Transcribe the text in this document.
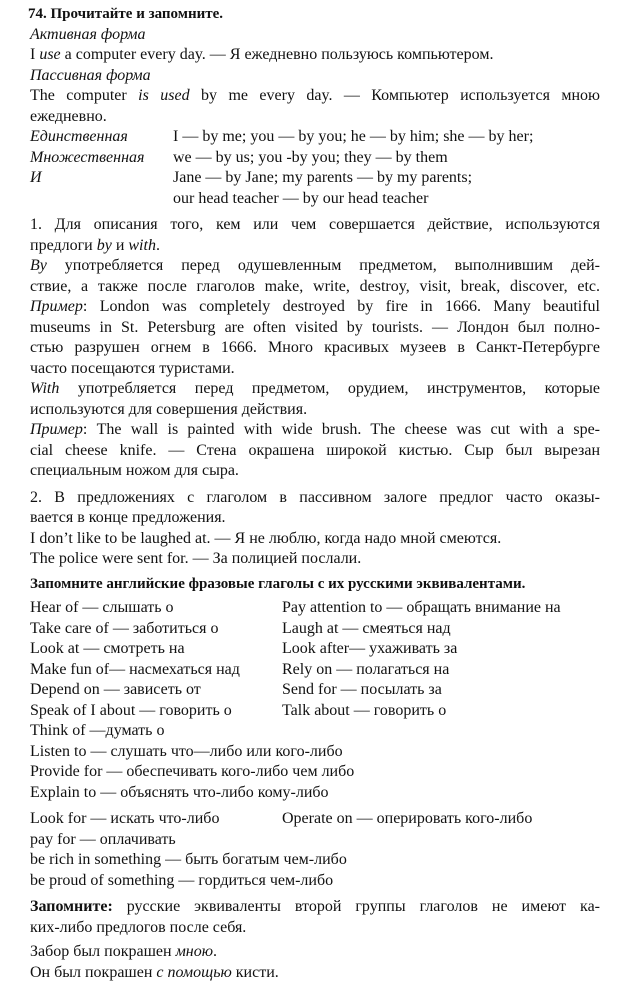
74. Прочитайте и запомните.
Активная форма
I use a computer every day. — Я ежедневно пользуюсь компьютером.
Пассивная форма
The computer is used by me every day. — Компьютер используется мною
ежедневно.
Единственная	I — by me; you — by you; he — by him; she — by her;
Множественная	we — by us; you -by you; they — by them
И	Jane — by Jane; my parents — by my parents;
our head teacher — by our head teacher
1. Для описания того, кем или чем совершается действие, используются
предлоги by и with.
By употребляется перед одушевленным предметом, выполнившим дей-
ствие, а также после глаголов make, write, destroy, visit, break, discover, etc.
Пример: London was completely destroyed by fire in 1666. Many beautiful
museums in St. Petersburg are often visited by tourists. — Лондон был полно-
стью разрушен огнем в 1666. Много красивых музеев в Санкт-Петербурге
часто посещаются туристами.
With употребляется перед предметом, орудием, инструментов, которые
используются для совершения действия.
Пример: The wall is painted with wide brush. The cheese was cut with a spe-
cial cheese knife. — Стена окрашена широкой кистью. Сыр был вырезан
специальным ножом для сыра.
2. В предложениях с глаголом в пассивном залоге предлог часто оказы-
вается в конце предложения.
I don’t like to be laughed at. — Я не люблю, когда надо мной смеются.
The police were sent for. — За полицией послали.
Запомните английские фразовые глаголы с их русскими эквивалентами.
Hear of — слышать о	Pay attention to — обращать внимание на
Take care of — заботиться о	Laugh at — смеяться над
Look at — смотреть на	Look after— ухаживать за
Make fun of— насмехаться над	Rely on — полагаться на
Depend on — зависеть от	Send for — посылать за
Speak of I about — говорить о	Talk about — говорить о
Think of —думать о
Listen to — слушать что—либо или кого-либо
Provide for — обеспечивать кого-либо чем либо
Explain to — объяснять что-либо кому-либо
Look for — искать что-либо	Operate on — оперировать кого-либо
pay for — оплачивать
be rich in something — быть богатым чем-либо
be proud of something — гордиться чем-либо
Запомните: русские эквиваленты второй группы глаголов не имеют ка-
ких-либо предлогов после себя.
Забор был покрашен мною.
Он был покрашен с помощью кисти.
